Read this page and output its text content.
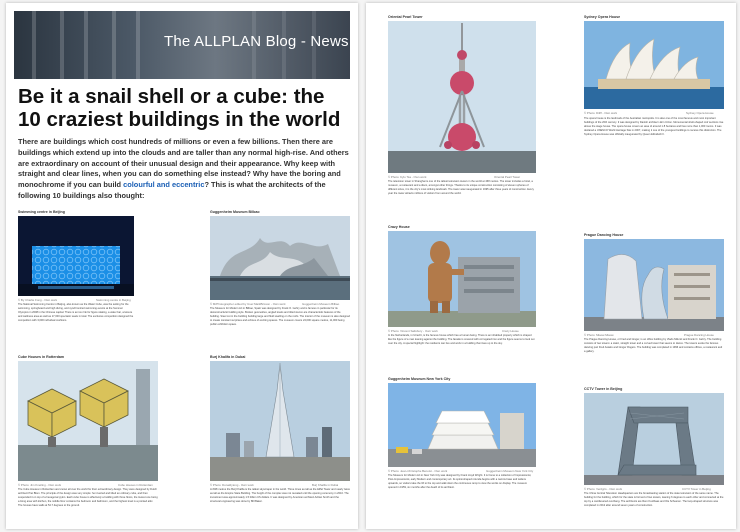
The ALLPLAN Blog - News
Be it a snail shell or a cube: the 10 craziest buildings in the world

There are buildings which cost hundreds of millions or even a few billions. Then there are buildings which extend up into the clouds and are taller than any normal high-rise. And others are extraordinary on account of their unusual design and their appearance. Why keep with straight and clear lines, when you can do something else instead? Why have the boring and monochrome if you can build colourful and eccentric? This is what the architects of the following 10 buildings also thought:

Swimming centre in Beijing
© By Charlie Fong - Own work	Swimming centre in Beijing

The National Swimming Centre in Beijing, also known as the Water Cube, was the setting for the swimming, springboard and high diving, and synchronized swimming events at the Summer Olympics in 2008 in the Chinese capital. There is an ice rink for figure skating, a water bar, a leisure and wellness area as well as 17,000 spectator seats in total. The exclusive competition designed the competition with 3,000 individual cushions.

Guggenheim Museum Bilbao
© MrPhotographer edited by User:MarkBrisson - Own work	Guggenheim Museum Bilbao

The Museum for Modern Art in Bilbao, Spain was designed by Frank O. Gehry and is famous in particular for its deconstructivist building style. Broken geometries, angled levels and titled stucco are characteristic features of the building. Steel cut in the building building large and fluid swelling on the roofs. The interior of the museum is also designed to create constant surprises and echoes of exciting spaces. The museum covers 24,000 square metres, 11,000 being public exhibition space.

Cube Houses in Rotterdam
© Photo: Jim Kneiling - Own work	Cube Houses in Rotterdam

The Cube Houses in Rotterdam are known all over the world for their extraordinary design. They were designed by Dutch architect Piet Blom. The principle of the design was very simple: he inverted and tilted an ordinary cube, and then suspended it on top of a hexagonal pylon. Each cube house is effectively a building with three floors, the lowest one being a living area with kitchen, the middle floor contains the bedroom and bathroom, and the highest level is a pointed attic. The houses have walls at 54.7 degrees to the ground.

Burj Khalifa in Dubai
© Photo: Donaldytong - Own work	Burj Khalifa in Dubai

At 828 metres the Burj Khalifa is the tallest skyscraper in the world. Three times as tall as the Eiffel Tower and nearly twice as tall as the Empire State Building. The height of the complex was not revealed until the opening ceremony in 2010. The investment was approximately 1.5 billion US dollars. It was designed by American architect Adrian Smith and the structural engineering was done by Bill Baker.

Oriental Pearl Tower
© Photo: Kylo Tsa - Own work	Oriental Pearl Tower

The television tower in Shanghai is one of the tallest television towers in the world at 468 metres. The tower includes a hotel, a museum, a restaurant and a disco, amongst other things. Thanks to its unique construction consisting of eleven spheres of different sizes, it is the city's most striking landmark. The tower was inaugurated in 1995 after three years of construction. Every year the tower attracts millions of visitors from around the world.

Sydney Opera House
© Photo: Diliff - Own work	Sydney Opera House

The opera house is the landmark of the Australian metropolis. It is also one of the most famous and most important buildings of the 20th century. It was designed by Danish architect Jørn Utzon. Monumental shell-shaped roof sections rise above the stage house. The opera house covers an area of around 1.8 hectares and has more than 1,000 rooms. It was declared a UNESCO World Heritage Site in 2007, making it one of the youngest buildings to receive this distinction. The Sydney Opera House was officially inaugurated by Queen Elizabeth II.

Crazy House
© Photo: Vincent Salisbury - Own work	Crazy House

In the Netherlands, in Utrecht, is the famous house which has a human being. There is an inhabited property which is shaped like the figure of a man leaning against the building. The facade is covered with corrugated iron and the figure seems to look out over the city. A special highlight: the residents can live and work in a building that rises up to the sky.

Prague Dancing House
© Photo: Miaow Miaow	Prague Dancing House

The Prague Dancing House, or Fred and Ginger, is an office building by Vlado Milunić and Frank O. Gehry. The building consists of two towers: a static, straight tower and a curved tower that seems to dance. The towers evoke the famous dancing pair Fred Astaire and Ginger Rogers. The building was completed in 1996 and contains offices, a restaurant and a gallery.

Guggenheim Museum New York City
© Photo: Jean-Christophe Benoist - Own work	Guggenheim Museum New York City

The Museum for Modern Art in New York City was designed by Frank Lloyd Wright. It is home to a collection of Impressionist, Post-Impressionist, early Modern and contemporary art. Its spiral-shaped rotunda begins with a narrow base and widens upwards, so visitors take the lift to the top and walk down the continuous ramp to view the works on display. The museum opened in 1959, six months after the death of its architect.

CCTV Tower in Beijing
© Photo: Verdgris - Own work	CCTV Tower in Beijing

The China Central Television Headquarters are the broadcasting station of the state television of the same name. The building for the building, which for the state is formed of two towers, leaning 6 degrees to each other and connected at the top by a cantilevered overhang. The architects are Rem Koolhaas and Ole Scheeren. The loop-shaped structure was completed in 2012 after around seven years of construction.
